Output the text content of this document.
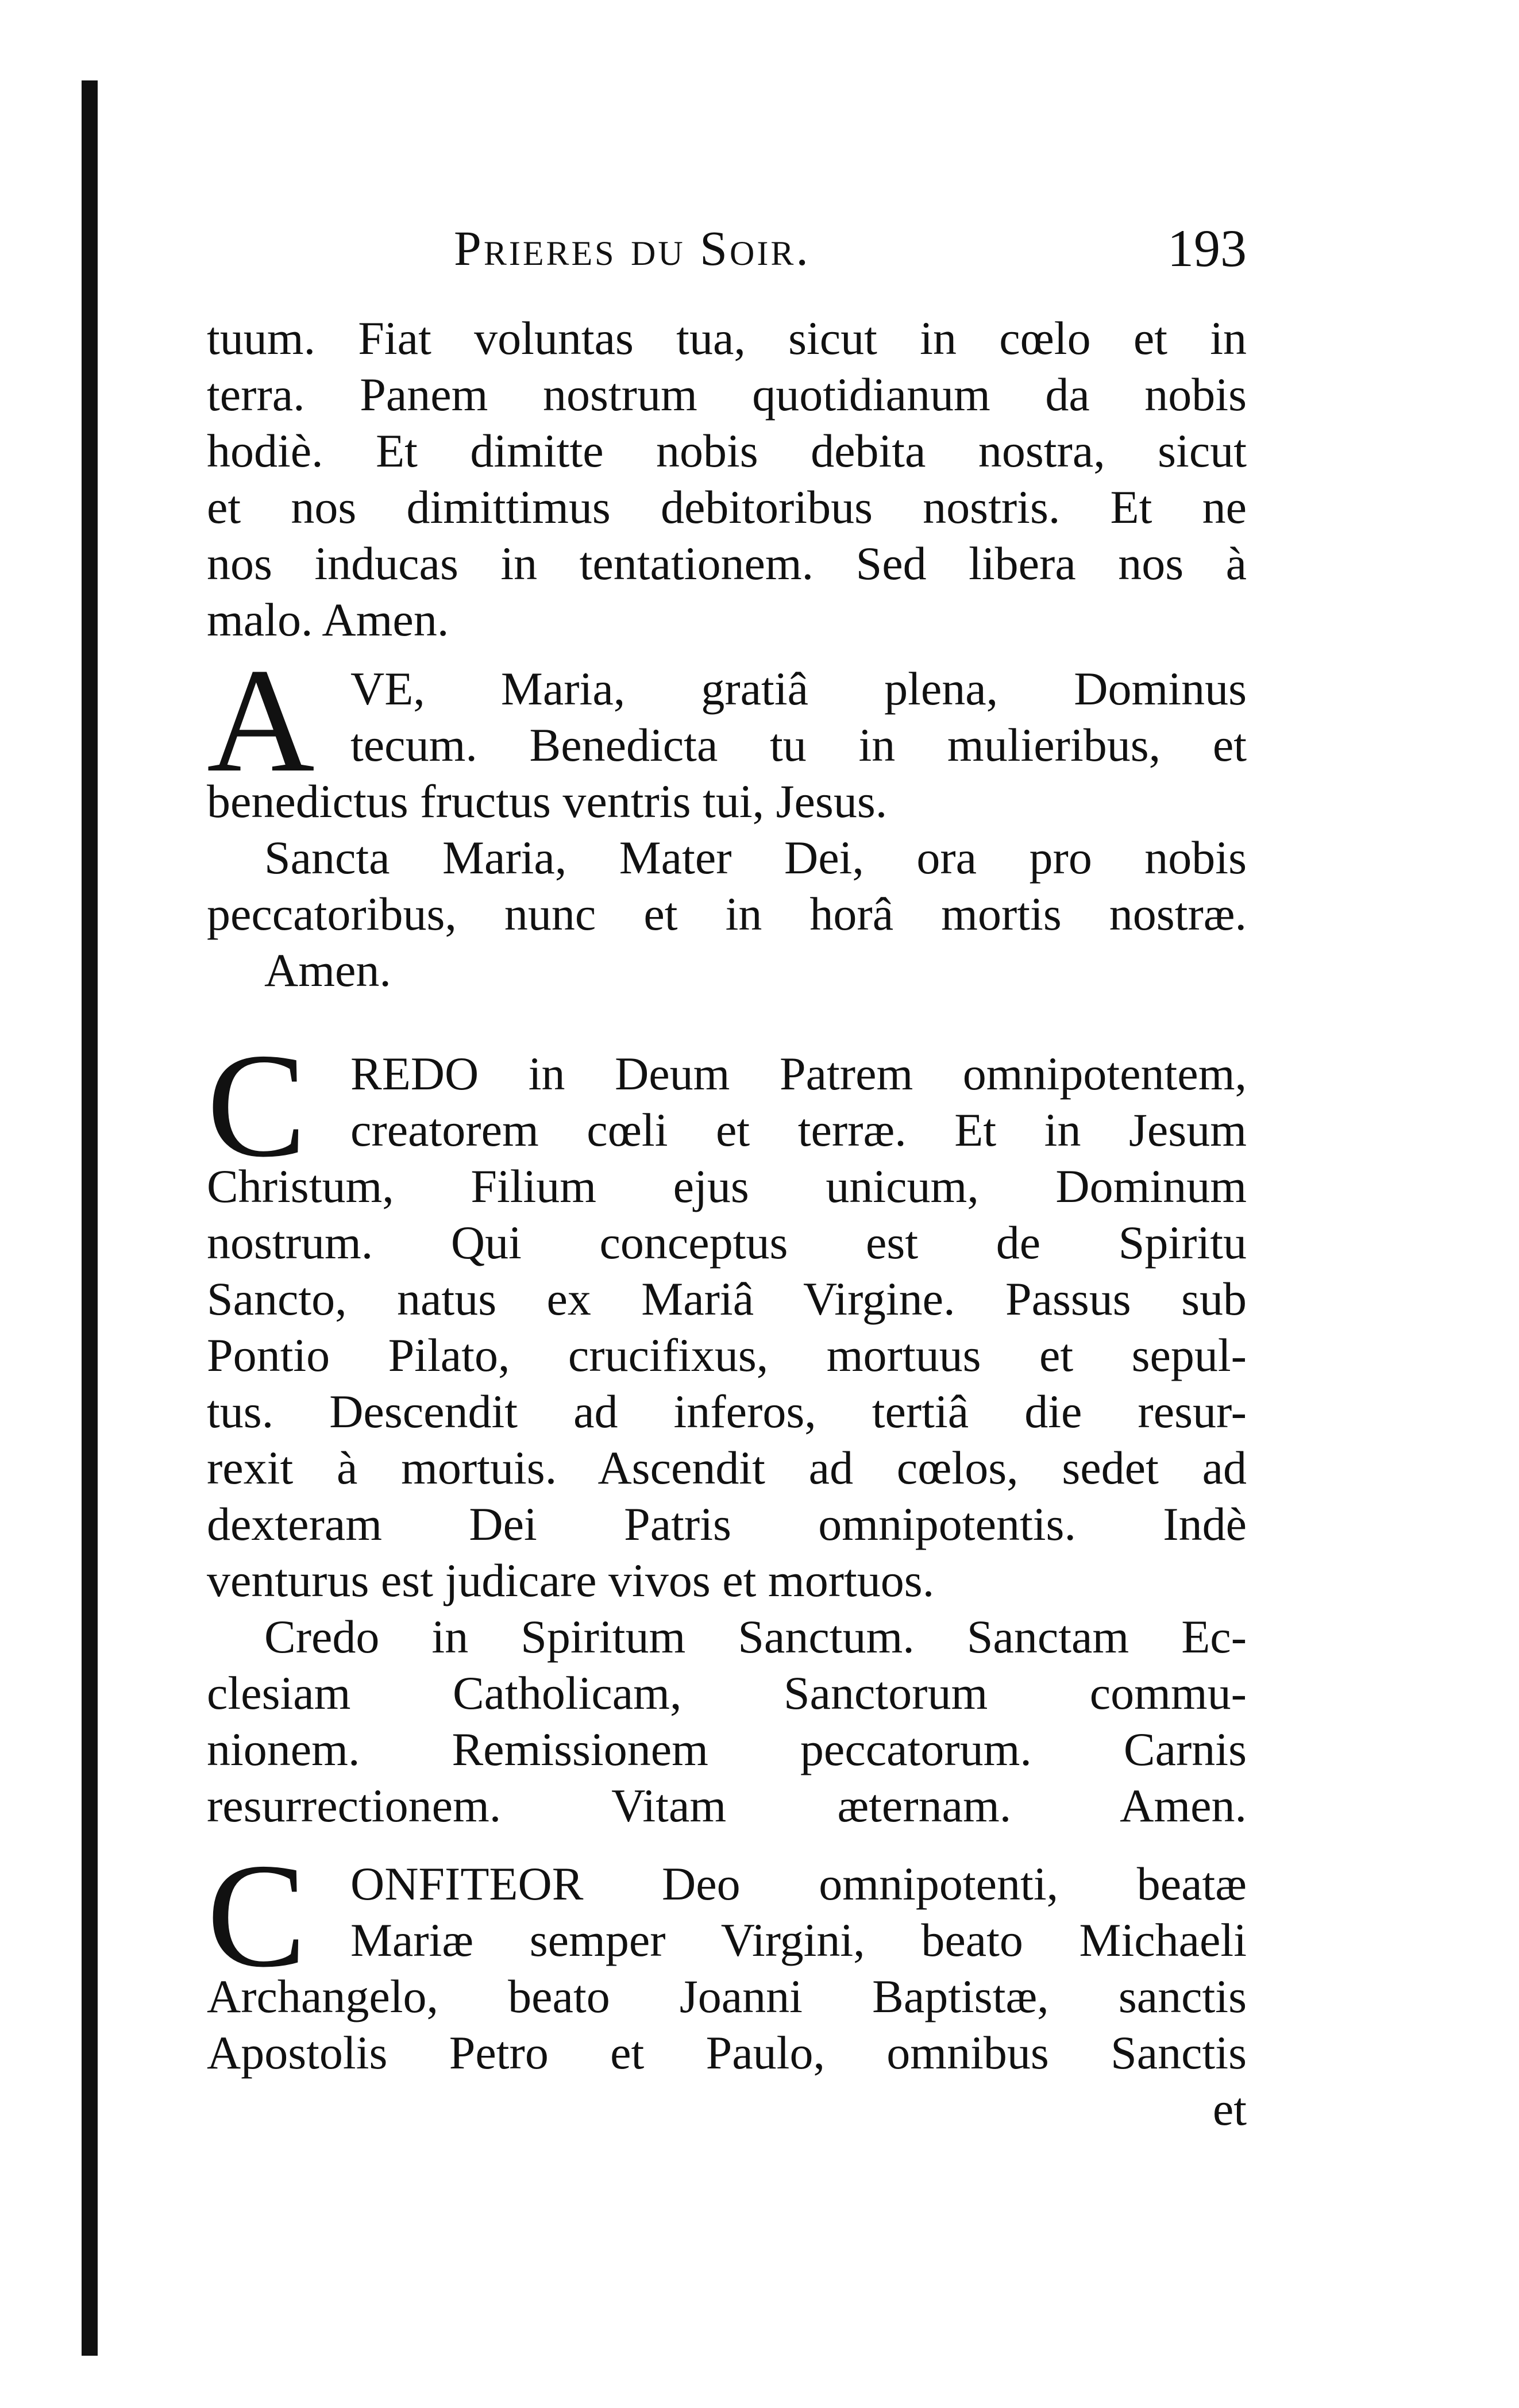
Prieres du Soir.	193
tuum. Fiat voluntas tua, sicut in cœlo et in
terra. Panem nostrum quotidianum da nobis
hodiè. Et dimitte nobis debita nostra, sicut
et nos dimittimus debitoribus nostris. Et ne
nos inducas in tentationem. Sed libera nos à
malo. Amen.
A VE, Maria, gratiâ plena, Dominus
tecum. Benedicta tu in mulieribus, et
benedictus fructus ventris tui, Jesus.
Sancta Maria, Mater Dei, ora pro nobis
peccatoribus, nunc et in horâ mortis nostræ.
Amen.
C REDO in Deum Patrem omnipotentem,
creatorem cœli et terræ. Et in Jesum
Christum, Filium ejus unicum, Dominum
nostrum. Qui conceptus est de Spiritu
Sancto, natus ex Mariâ Virgine. Passus sub
Pontio Pilato, crucifixus, mortuus et sepul-
tus. Descendit ad inferos, tertiâ die resur-
rexit à mortuis. Ascendit ad cœlos, sedet ad
dexteram Dei Patris omnipotentis. Indè
venturus est judicare vivos et mortuos.
Credo in Spiritum Sanctum. Sanctam Ec-
clesiam Catholicam, Sanctorum commu-
nionem. Remissionem peccatorum. Carnis
resurrectionem. Vitam æternam. Amen.
C ONFITEOR Deo omnipotenti, beatæ
Mariæ semper Virgini, beato Michaeli
Archangelo, beato Joanni Baptistæ, sanctis
Apostolis Petro et Paulo, omnibus Sanctis
et
